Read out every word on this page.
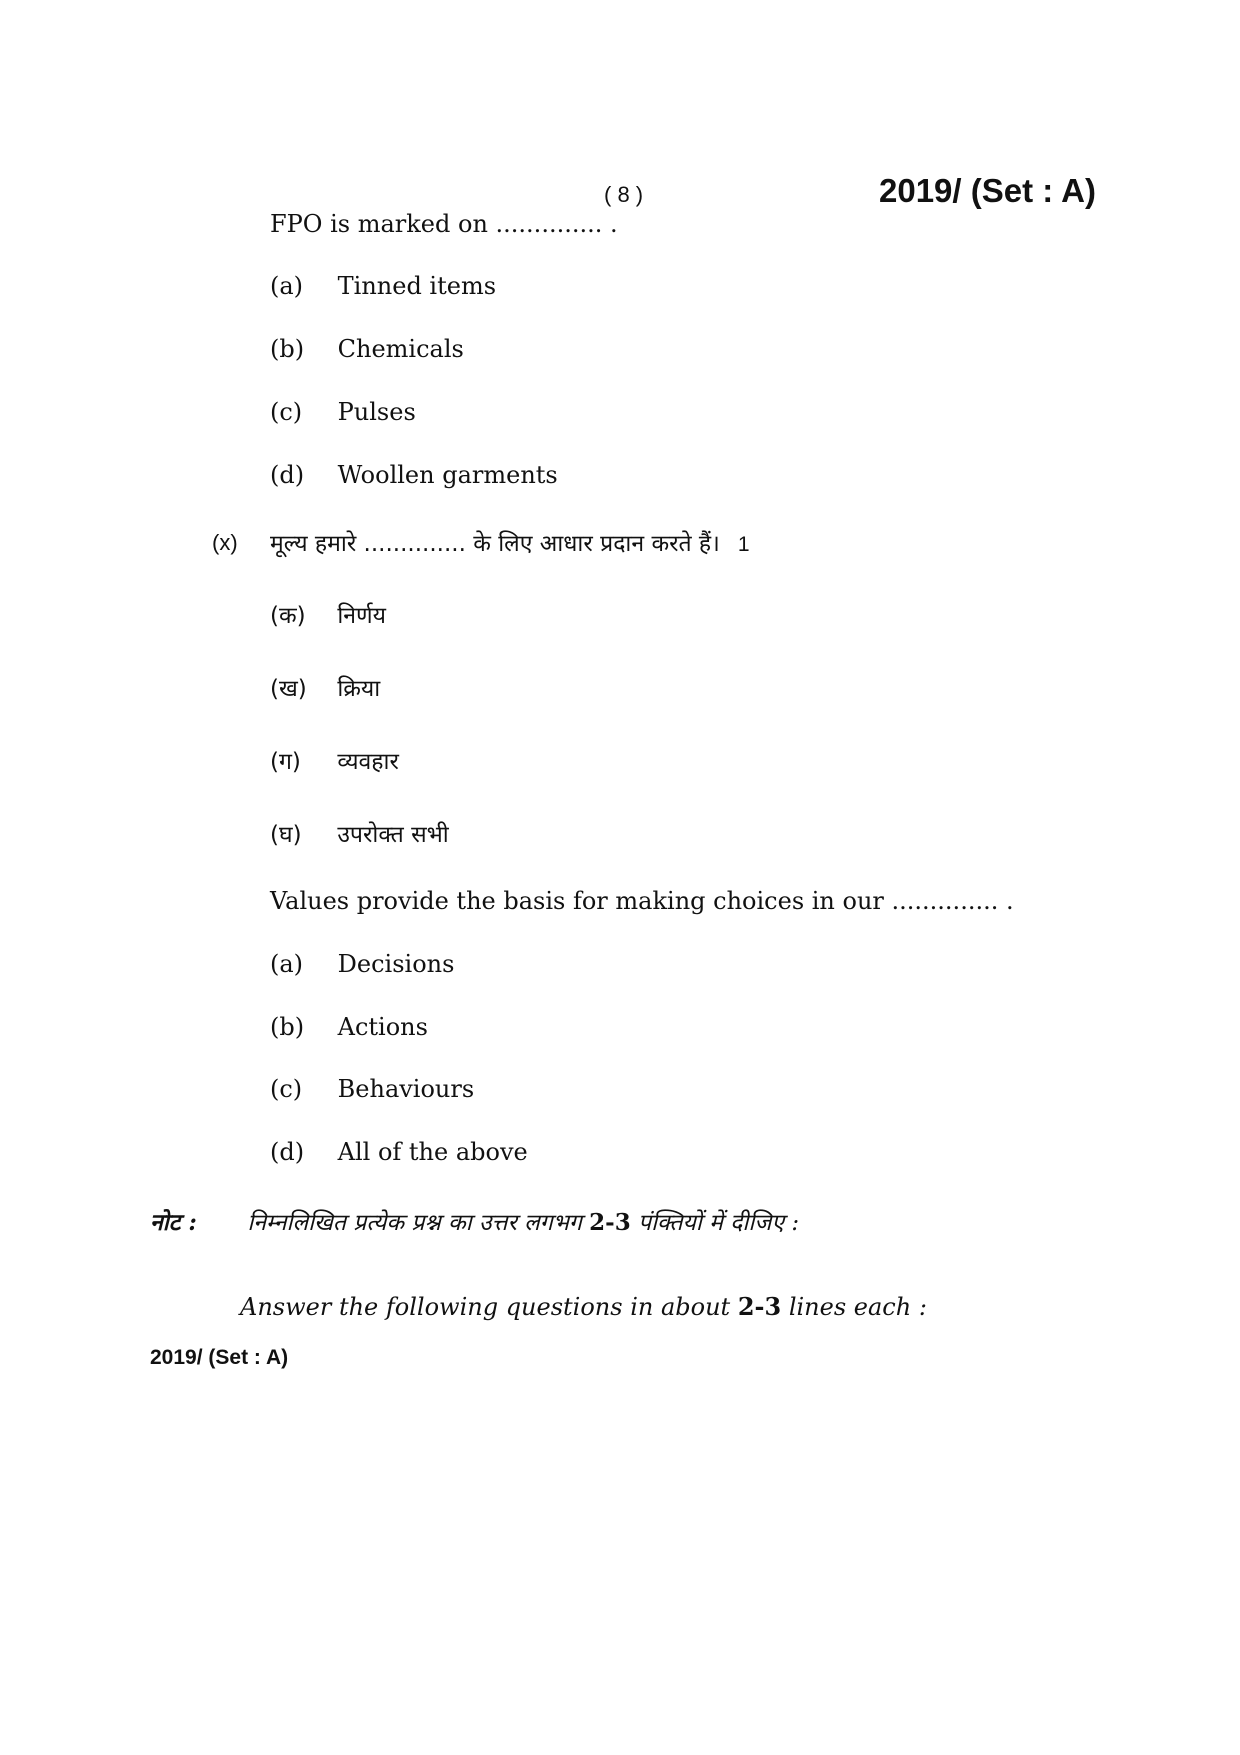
( 8 )	2019/ (Set : A)
FPO is marked on .............. .
(a) Tinned items
(b) Chemicals
(c) Pulses
(d) Woollen garments
(x) मूल्य हमारे .............. के लिए आधार प्रदान करते हैं। 1
(क) निर्णय
(ख) क्रिया
(ग) व्यवहार
(घ) उपरोक्त सभी
Values provide the basis for making choices in our .............. .
(a) Decisions
(b) Actions
(c) Behaviours
(d) All of the above
नोट : निम्नलिखित प्रत्येक प्रश्न का उत्तर लगभग 2-3 पंक्तियों में दीजिए :
Answer the following questions in about 2-3 lines each :
2019/ (Set : A)
